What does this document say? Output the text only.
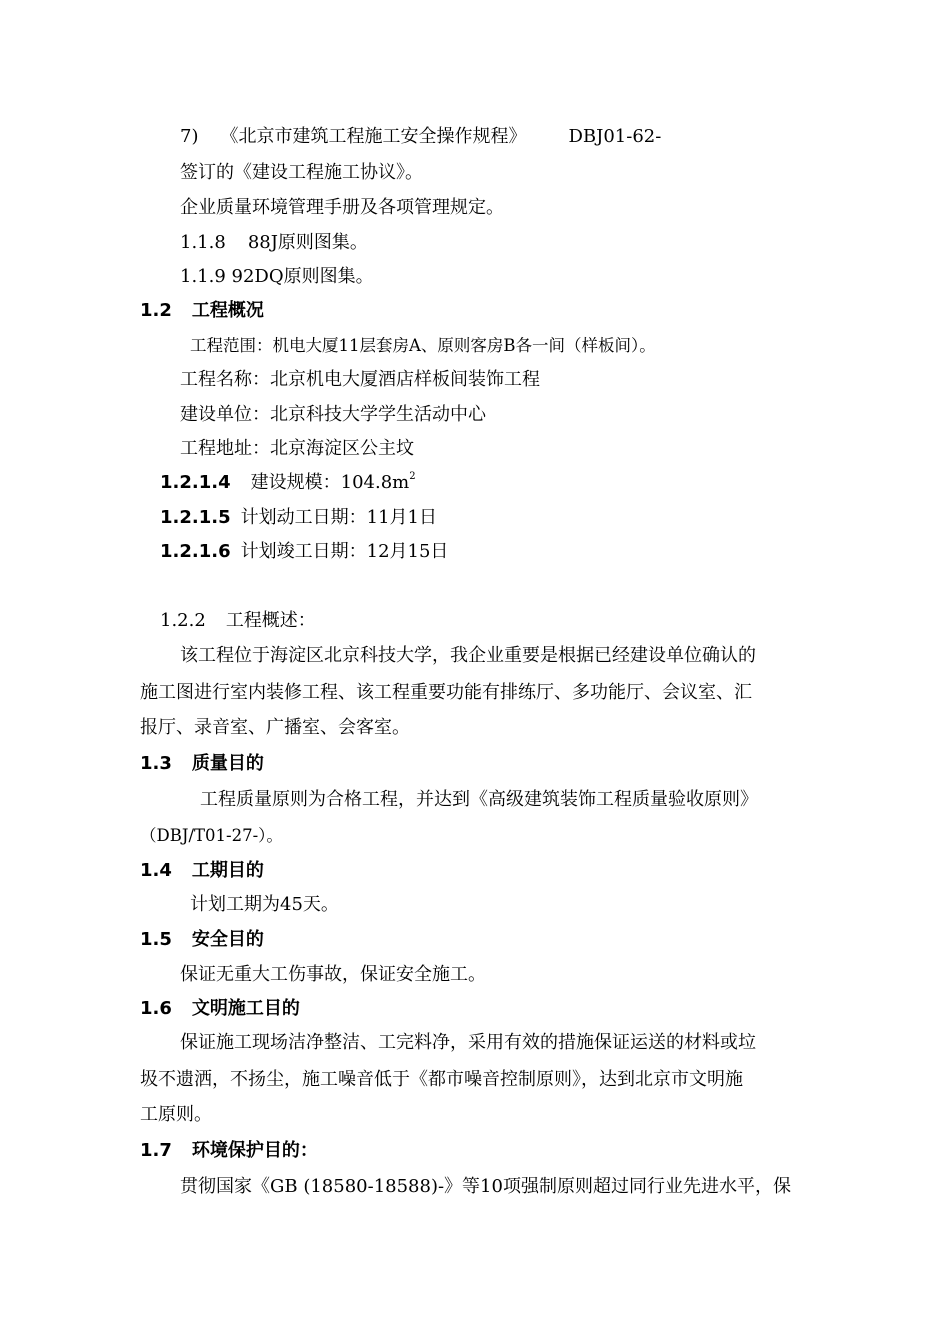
7) 《北京市建筑工程施工安全操作规程》 DBJ01-62-
签订的《建设工程施工协议》。
企业质量环境管理手册及各项管理规定。
1.1.8 88J原则图集。
1.1.9 92DQ原则图集。
1.2 工程概况
工程范围：机电大厦11层套房A、原则客房B各一间（样板间）。
工程名称：北京机电大厦酒店样板间装饰工程
建设单位：北京科技大学学生活动中心
工程地址：北京海淀区公主坟
1.2.1.4 建设规模：$104.8m^2$
1.2.1.5 计划动工日期：11月1日
1.2.1.6 计划竣工日期：12月15日
1.2.2 工程概述：
该工程位于海淀区北京科技大学，我企业重要是根据已经建设单位确认的
施工图进行室内装修工程、该工程重要功能有排练厅、多功能厅、会议室、汇
报厅、录音室、广播室、会客室。
1.3 质量目的
工程质量原则为合格工程，并达到《高级建筑装饰工程质量验收原则》
（DBJ/T01-27-）。
1.4 工期目的
计划工期为45天。
1.5 安全目的
保证无重大工伤事故，保证安全施工。
1.6 文明施工目的
保证施工现场洁净整洁、工完料净，采用有效的措施保证运送的材料或垃
圾不遗洒，不扬尘，施工噪音低于《都市噪音控制原则》，达到北京市文明施
工原则。
1.7 环境保护目的：
贯彻国家《GB (18580-18588)-》等10项强制原则超过同行业先进水平，保
